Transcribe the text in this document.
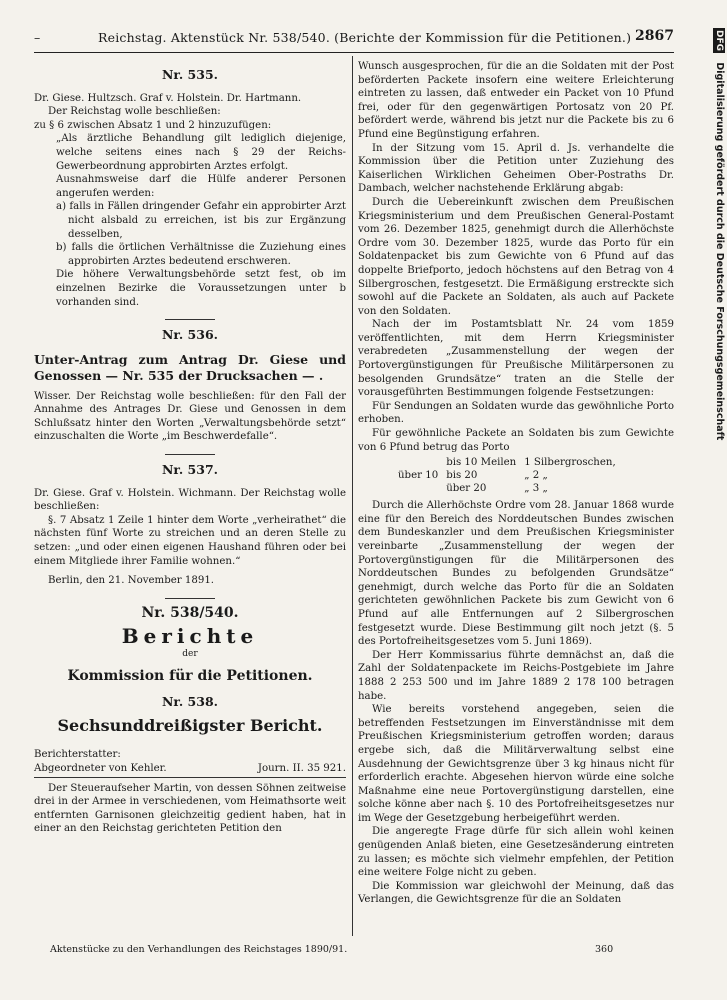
–	Reichstag. Aktenstück Nr. 538/540. (Berichte der Kommission für die Petitionen.) 2867	DFG Digitalisierung gefördert durch die Deutsche Forschungsgemeinschaft

Nr. 535.

Dr. Giese. Hultzsch. Graf v. Holstein. Dr. Hartmann.

Der Reichstag wolle beschließen:

zu § 6 zwischen Absatz 1 und 2 hinzuzufügen:

„Als ärztliche Behandlung gilt lediglich diejenige, welche seitens eines nach § 29 der Reichs-Gewerbeordnung approbirten Arztes erfolgt.

Ausnahmsweise darf die Hülfe anderer Personen angerufen werden:

a) falls in Fällen dringender Gefahr ein approbirter Arzt nicht alsbald zu erreichen, ist bis zur Ergänzung desselben,

b) falls die örtlichen Verhältnisse die Zuziehung eines approbirten Arztes bedeutend erschweren.

Die höhere Verwaltungsbehörde setzt fest, ob im einzelnen Bezirke die Voraussetzungen unter b vorhanden sind.

Nr. 536.

Unter-Antrag zum Antrag Dr. Giese und Genossen — Nr. 535 der Drucksachen — .

Wisser. Der Reichstag wolle beschließen: für den Fall der Annahme des Antrages Dr. Giese und Genossen in dem Schlußsatz hinter den Worten „Verwaltungsbehörde setzt“ einzuschalten die Worte „im Beschwerdefalle“.

Nr. 537.

Dr. Giese. Graf v. Holstein. Wichmann. Der Reichstag wolle beschließen:

§. 7 Absatz 1 Zeile 1 hinter dem Worte „verheirathet“ die nächsten fünf Worte zu streichen und an deren Stelle zu setzen: „und oder einen eigenen Haushand führen oder bei einem Mitgliede ihrer Familie wohnen.“

Berlin, den 21. November 1891.

Nr. 538/540.

Berichte

der

Kommission für die Petitionen.

Nr. 538.

Sechsunddreißigster Bericht.

Berichterstatter:

Abgeordneter von Kehler.	Journ. II. 35 921.

Der Steueraufseher Martin, von dessen Söhnen zeitweise drei in der Armee in verschiedenen, vom Heimathsorte weit entfernten Garnisonen gleichzeitig gedient haben, hat in einer an den Reichstag gerichteten Petition den

Wunsch ausgesprochen, für die an die Soldaten mit der Post beförderten Packete insofern eine weitere Erleichterung eintreten zu lassen, daß entweder ein Packet von 10 Pfund frei, oder für den gegenwärtigen Portosatz von 20 Pf. befördert werde, während bis jetzt nur die Packete bis zu 6 Pfund eine Begünstigung erfahren.

In der Sitzung vom 15. April d. Js. verhandelte die Kommission über die Petition unter Zuziehung des Kaiserlichen Wirklichen Geheimen Ober-Postraths Dr. Dambach, welcher nachstehende Erklärung abgab:

Durch die Uebereinkunft zwischen dem Preußischen Kriegsministerium und dem Preußischen General-Postamt vom 26. Dezember 1825, genehmigt durch die Allerhöchste Ordre vom 30. Dezember 1825, wurde das Porto für ein Soldatenpacket bis zum Gewichte von 6 Pfund auf das doppelte Briefporto, jedoch höchstens auf den Betrag von 4 Silbergroschen, festgesetzt. Die Ermäßigung erstreckte sich sowohl auf die Packete an Soldaten, als auch auf Packete von den Soldaten.

Nach der im Postamtsblatt Nr. 24 vom 1859 veröffentlichten, mit dem Herrn Kriegsminister verabredeten „Zusammenstellung der wegen der Portovergünstigungen für Preußische Militärpersonen zu besolgenden Grundsätze“ traten an die Stelle der vorausgeführten Bestimmungen folgende Festsetzungen:

Für Sendungen an Soldaten wurde das gewöhnliche Porto erhoben.

Für gewöhnliche Packete an Soldaten bis zum Gewichte von 6 Pfund betrug das Porto

	bis 10 Meilen	1 Silbergroschen,
über 10	bis 20	„ 2 „
	über 20	„ 3 „

Durch die Allerhöchste Ordre vom 28. Januar 1868 wurde eine für den Bereich des Norddeutschen Bundes zwischen dem Bundeskanzler und dem Preußischen Kriegsminister vereinbarte „Zusammenstellung der wegen der Portovergünstigungen für die Militärpersonen des Norddeutschen Bundes zu befolgenden Grundsätze“ genehmigt, durch welche das Porto für die an Soldaten gerichteten gewöhnlichen Packete bis zum Gewicht von 6 Pfund auf alle Entfernungen auf 2 Silbergroschen festgesetzt wurde. Diese Bestimmung gilt noch jetzt (§. 5 des Portofreiheitsgesetzes vom 5. Juni 1869).

Der Herr Kommissarius führte demnächst an, daß die Zahl der Soldatenpackete im Reichs-Postgebiete im Jahre 1888 2 253 500 und im Jahre 1889 2 178 100 betragen habe.

Wie bereits vorstehend angegeben, seien die betreffenden Festsetzungen im Einverständnisse mit dem Preußischen Kriegsministerium getroffen worden; daraus ergebe sich, daß die Militärverwaltung selbst eine Ausdehnung der Gewichtsgrenze über 3 kg hinaus nicht für erforderlich erachte. Abgesehen hiervon würde eine solche Maßnahme eine neue Portovergünstigung darstellen, eine solche könne aber nach §. 10 des Portofreiheitsgesetzes nur im Wege der Gesetzgebung herbeigeführt werden.

Die angeregte Frage dürfe für sich allein wohl keinen genügenden Anlaß bieten, eine Gesetzesänderung eintreten zu lassen; es möchte sich vielmehr empfehlen, der Petition eine weitere Folge nicht zu geben.

Die Kommission war gleichwohl der Meinung, daß das Verlangen, die Gewichtsgrenze für die an Soldaten

Aktenstücke zu den Verhandlungen des Reichstages 1890/91.	360
